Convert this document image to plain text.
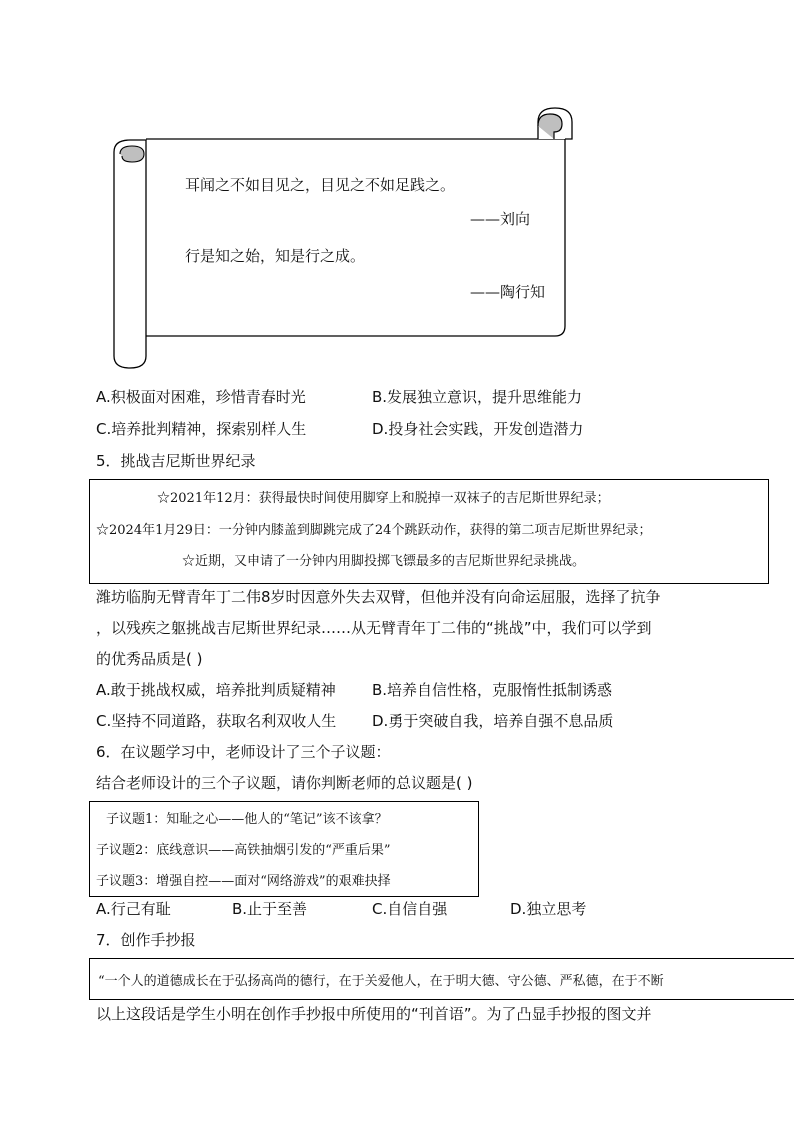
耳闻之不如目见之，目见之不如足践之。
——刘向
行是知之始，知是行之成。
——陶行知
A.积极面对困难，珍惜青春时光	B.发展独立意识，提升思维能力
C.培养批判精神，探索别样人生	D.投身社会实践，开发创造潜力
5．挑战吉尼斯世界纪录
☆2021年12月：获得最快时间使用脚穿上和脱掉一双袜子的吉尼斯世界纪录；
☆2024年1月29日：一分钟内膝盖到脚跳完成了24个跳跃动作，获得的第二项吉尼斯世界纪录；
☆近期，又申请了一分钟内用脚投掷飞镖最多的吉尼斯世界纪录挑战。
潍坊临朐无臂青年丁二伟8岁时因意外失去双臂，但他并没有向命运屈服，选择了抗争
，以残疾之躯挑战吉尼斯世界纪录……从无臂青年丁二伟的“挑战”中，我们可以学到
的优秀品质是( )
A.敢于挑战权威，培养批判质疑精神 B.培养自信性格，克服惰性抵制诱惑
C.坚持不同道路，获取名利双收人生 D.勇于突破自我，培养自强不息品质
6．在议题学习中，老师设计了三个子议题：
结合老师设计的三个子议题，请你判断老师的总议题是( )
子议题1：知耻之心——他人的“笔记”该不该拿？
子议题2：底线意识——高铁抽烟引发的“严重后果”
子议题3：增强自控——面对“网络游戏”的艰难抉择
A.行己有耻	B.止于至善	C.自信自强	D.独立思考
7．创作手抄报
“一个人的道德成长在于弘扬高尚的德行，在于关爱他人，在于明大德、守公德、严私德，在于不断
以上这段话是学生小明在创作手抄报中所使用的“刊首语”。为了凸显手抄报的图文并
